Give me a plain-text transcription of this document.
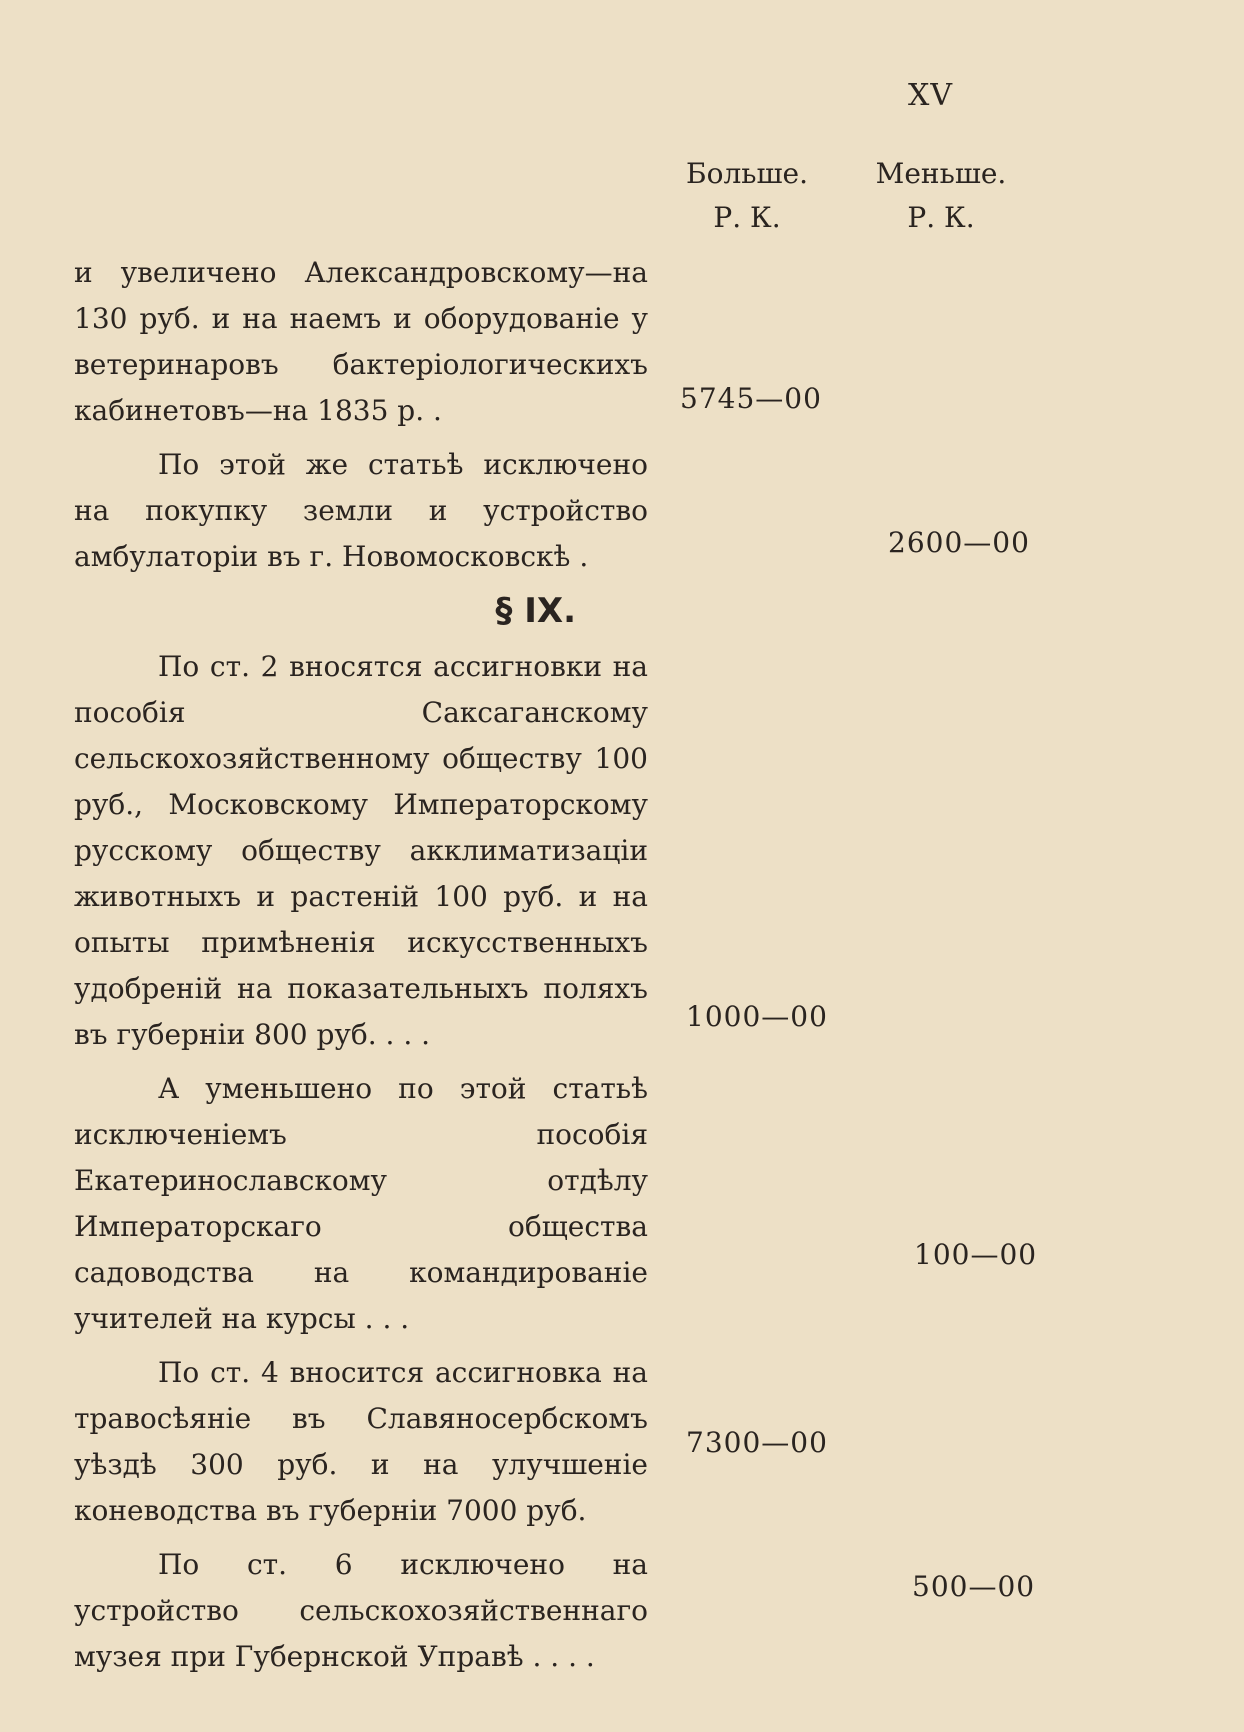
XV
Больше.
Р. К.
Меньше.
Р. К.

и увеличено Александровскому—на 130 руб. и на наемъ и оборудованіе у ветеринаровъ бактеріологическихъ кабинетовъ—на 1835 р. .

По этой же статьѣ исключено на покупку земли и устройство амбулаторіи въ г. Новомосковскѣ .

§ IX.

По ст. 2 вносятся ассигновки на пособія Саксаганскому сельскохозяйственному обществу 100 руб., Московскому Императорскому русскому обществу акклиматизаціи животныхъ и растеній 100 руб. и на опыты примѣненія искусственныхъ удобреній на показательныхъ поляхъ въ губерніи 800 руб. . . .

А уменьшено по этой статьѣ исключеніемъ пособія Екатеринославскому отдѣлу Императорскаго общества садоводства на командированіе учителей на курсы . . .

По ст. 4 вносится ассигновка на травосѣяніе въ Славяносербскомъ уѣздѣ 300 руб. и на улучшеніе коневодства въ губерніи 7000 руб.

По ст. 6 исключено на устройство сельскохозяйственнаго музея при Губернской Управѣ . . . .

5745—00
2600—00
1000—00
100—00
7300—00
500—00
